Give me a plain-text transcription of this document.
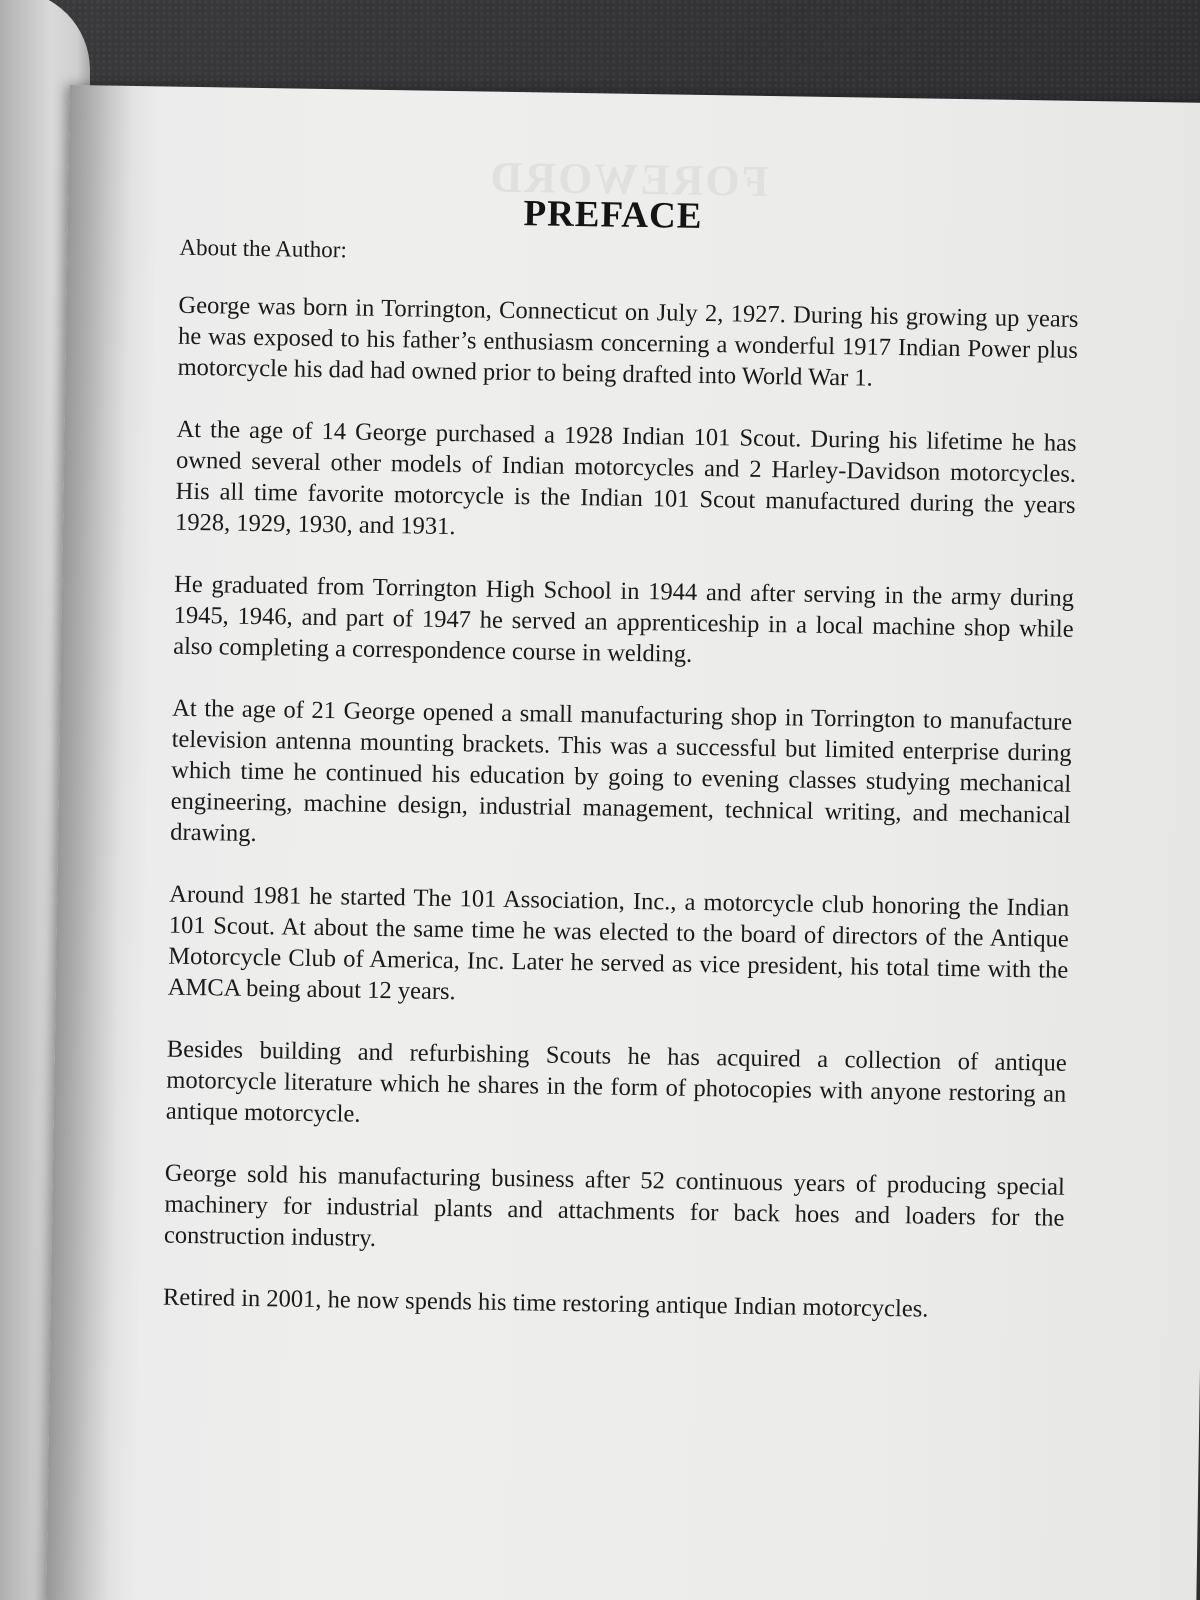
FOREWORD
PREFACE

About the Author:

George was born in Torrington, Connecticut on July 2, 1927. During his growing up years he was exposed to his father’s enthusiasm concerning a wonderful 1917 Indian Power plus motorcycle his dad had owned prior to being drafted into World War 1.

At the age of 14 George purchased a 1928 Indian 101 Scout. During his lifetime he has owned several other models of Indian motorcycles and 2 Harley-Davidson motorcycles. His all time favorite motorcycle is the Indian 101 Scout manufactured during the years 1928, 1929, 1930, and 1931.

He graduated from Torrington High School in 1944 and after serving in the army during 1945, 1946, and part of 1947 he served an apprenticeship in a local machine shop while also completing a correspondence course in welding.

At the age of 21 George opened a small manufacturing shop in Torrington to manufacture television antenna mounting brackets. This was a successful but limited enterprise during which time he continued his education by going to evening classes studying mechanical engineering, machine design, industrial management, technical writing, and mechanical drawing.

Around 1981 he started The 101 Association, Inc., a motorcycle club honoring the Indian 101 Scout. At about the same time he was elected to the board of directors of the Antique Motorcycle Club of America, Inc. Later he served as vice president, his total time with the AMCA being about 12 years.

Besides building and refurbishing Scouts he has acquired a collection of antique motorcycle literature which he shares in the form of photocopies with anyone restoring an antique motorcycle.

George sold his manufacturing business after 52 continuous years of producing special machinery for industrial plants and attachments for back hoes and loaders for the construction industry.

Retired in 2001, he now spends his time restoring antique Indian motorcycles.
